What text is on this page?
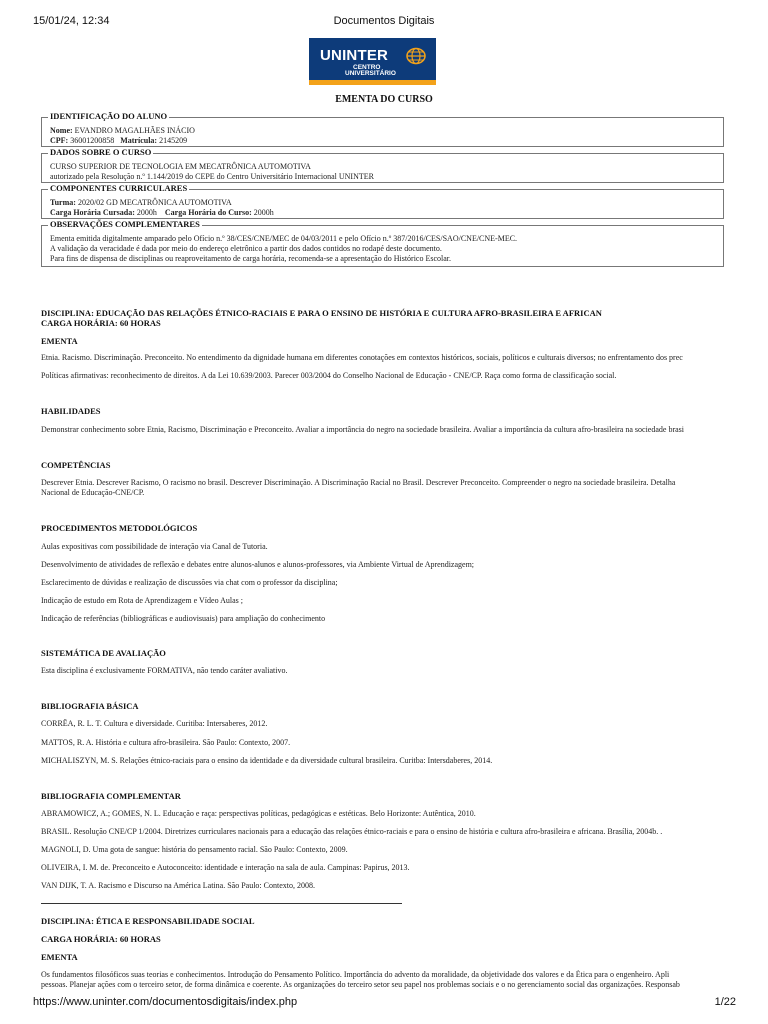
15/01/24, 12:34	Documentos Digitais
UNINTER
CENTRO
UNIVERSITÁRIO
EMENTA DO CURSO
IDENTIFICAÇÃO DO ALUNO
Nome: EVANDRO MAGALHÃES INÁCIO
CPF: 36001200858 Matrícula: 2145209
DADOS SOBRE O CURSO
CURSO SUPERIOR DE TECNOLOGIA EM MECATRÔNICA AUTOMOTIVA
autorizado pela Resolução n.º 1.144/2019 do CEPE do Centro Universitário Internacional UNINTER
COMPONENTES CURRICULARES
Turma: 2020/02 GD MECATRÔNICA AUTOMOTIVA
Carga Horária Cursada: 2000h Carga Horária do Curso: 2000h
OBSERVAÇÕES COMPLEMENTARES
Ementa emitida digitalmente amparado pelo Ofício n.º 38/CES/CNE/MEC de 04/03/2011 e pelo Ofício n.º 387/2016/CES/SAO/CNE/CNE-MEC.
A validação da veracidade é dada por meio do endereço eletrônico a partir dos dados contidos no rodapé deste documento.
Para fins de dispensa de disciplinas ou reaproveitamento de carga horária, recomenda-se a apresentação do Histórico Escolar.
DISCIPLINA: EDUCAÇÃO DAS RELAÇÕES ÉTNICO-RACIAIS E PARA O ENSINO DE HISTÓRIA E CULTURA AFRO-BRASILEIRA E AFRICAN
CARGA HORÁRIA: 60 HORAS
EMENTA
Etnia. Racismo. Discriminação. Preconceito. No entendimento da dignidade humana em diferentes conotações em contextos históricos, sociais, políticos e culturais diversos; no enfrentamento dos prec
Políticas afirmativas: reconhecimento de direitos. A da Lei 10.639/2003. Parecer 003/2004 do Conselho Nacional de Educação - CNE/CP. Raça como forma de classificação social.
HABILIDADES
Demonstrar conhecimento sobre Etnia, Racismo, Discriminação e Preconceito. Avaliar a importância do negro na sociedade brasileira. Avaliar a importância da cultura afro-brasileira na sociedade brasi
COMPETÊNCIAS
Descrever Etnia. Descrever Racismo, O racismo no brasil. Descrever Discriminação. A Discriminação Racial no Brasil. Descrever Preconceito. Compreender o negro na sociedade brasileira. Detalha
Nacional de Educação-CNE/CP.
PROCEDIMENTOS METODOLÓGICOS
Aulas expositivas com possibilidade de interação via Canal de Tutoria.
Desenvolvimento de atividades de reflexão e debates entre alunos-alunos e alunos-professores, via Ambiente Virtual de Aprendizagem;
Esclarecimento de dúvidas e realização de discussões via chat com o professor da disciplina;
Indicação de estudo em Rota de Aprendizagem e Vídeo Aulas ;
Indicação de referências (bibliográficas e audiovisuais) para ampliação do conhecimento
SISTEMÁTICA DE AVALIAÇÃO
Esta disciplina é exclusivamente FORMATIVA, não tendo caráter avaliativo.
BIBLIOGRAFIA BÁSICA
CORRÊA, R. L. T. Cultura e diversidade. Curitiba: Intersaberes, 2012.
MATTOS, R. A. História e cultura afro-brasileira. São Paulo: Contexto, 2007.
MICHALISZYN, M. S. Relações étnico-raciais para o ensino da identidade e da diversidade cultural brasileira. Curitba: Intersdaberes, 2014.
BIBLIOGRAFIA COMPLEMENTAR
ABRAMOWICZ, A.; GOMES, N. L. Educação e raça: perspectivas políticas, pedagógicas e estéticas. Belo Horizonte: Autêntica, 2010.
BRASIL. Resolução CNE/CP 1/2004. Diretrizes curriculares nacionais para a educação das relações étnico-raciais e para o ensino de história e cultura afro-brasileira e africana. Brasília, 2004b. .
MAGNOLI, D. Uma gota de sangue: história do pensamento racial. São Paulo: Contexto, 2009.
OLIVEIRA, I. M. de. Preconceito e Autoconceito: identidade e interação na sala de aula. Campinas: Papirus, 2013.
VAN DIJK, T. A. Racismo e Discurso na América Latina. São Paulo: Contexto, 2008.
DISCIPLINA: ÉTICA E RESPONSABILIDADE SOCIAL
CARGA HORÁRIA: 60 HORAS
EMENTA
Os fundamentos filosóficos suas teorias e conhecimentos. Introdução do Pensamento Político. Importância do advento da moralidade, da objetividade dos valores e da Ética para o engenheiro. Apli
pessoas. Planejar ações com o terceiro setor, de forma dinâmica e coerente. As organizações do terceiro setor seu papel nos problemas sociais e o no gerenciamento social das organizações. Responsab
https://www.uninter.com/documentosdigitais/index.php	1/22
